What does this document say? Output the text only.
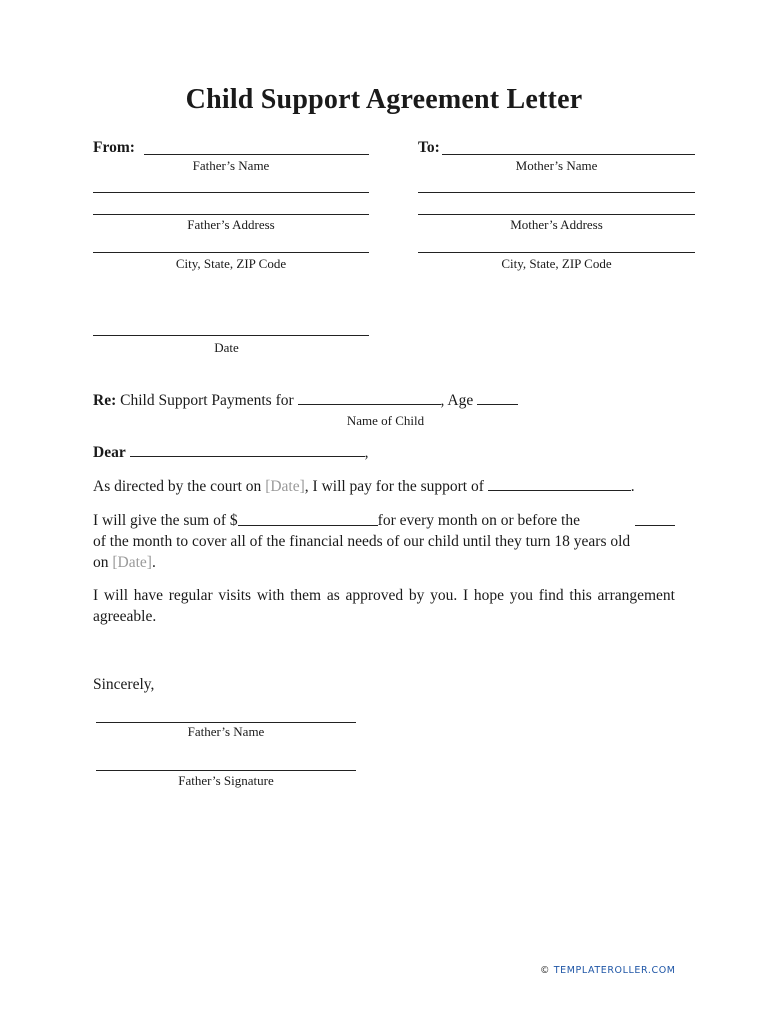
Child Support Agreement Letter
From:
Father’s Name
To:
Mother’s Name
Father’s Address	Mother’s Address
City, State, ZIP Code	City, State, ZIP Code
Date
Re: Child Support Payments for	, Age
Name of Child
Dear	,
As directed by the court on [Date], I will pay for the support of	.
I will give the sum of $	for every month on or before the
of the month to cover all of the financial needs of our child until they turn 18 years old
on [Date].
I will have regular visits with them as approved by you. I hope you find this arrangement agreeable.
Sincerely,
Father’s Name
Father’s Signature
© TEMPLATEROLLER.COM
